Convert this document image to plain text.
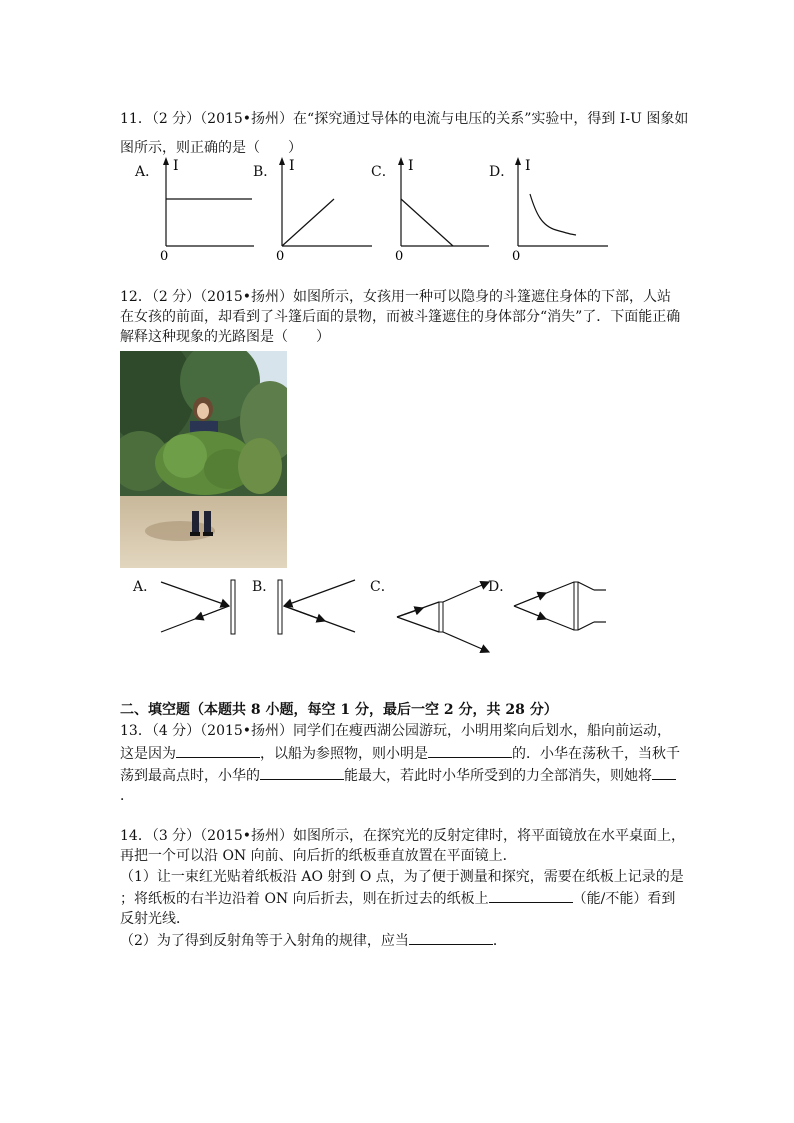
11．（2 分）（2015•扬州）在“探究通过导体的电流与电压的关系”实验中，得到 I-U 图象如
图所示，则正确的是（　　）
A．	B．	C．	D．
I
0
I
0
I
0
I
0
12．（2 分）（2015•扬州）如图所示，女孩用一种可以隐身的斗篷遮住身体的下部，人站
在女孩的前面，却看到了斗篷后面的景物，而被斗篷遮住的身体部分“消失”了．下面能正确
解释这种现象的光路图是（　　）
A．	B．	C．	D．
二、填空题（本题共 8 小题，每空 1 分，最后一空 2 分，共 28 分）
13．（4 分）（2015•扬州）同学们在瘦西湖公园游玩，小明用桨向后划水，船向前运动，
这是因为	，以船为参照物，则小明是	的．小华在荡秋千，当秋千
荡到最高点时，小华的	能最大，若此时小华所受到的力全部消失，则她将
．
14．（3 分）（2015•扬州）如图所示，在探究光的反射定律时，将平面镜放在水平桌面上，
再把一个可以沿 ON 向前、向后折的纸板垂直放置在平面镜上．
（1）让一束红光贴着纸板沿 AO 射到 O 点，为了便于测量和探究，需要在纸板上记录的是
；将纸板的右半边沿着 ON 向后折去，则在折过去的纸板上	（能/不能）看到
反射光线．
（2）为了得到反射角等于入射角的规律，应当	．
